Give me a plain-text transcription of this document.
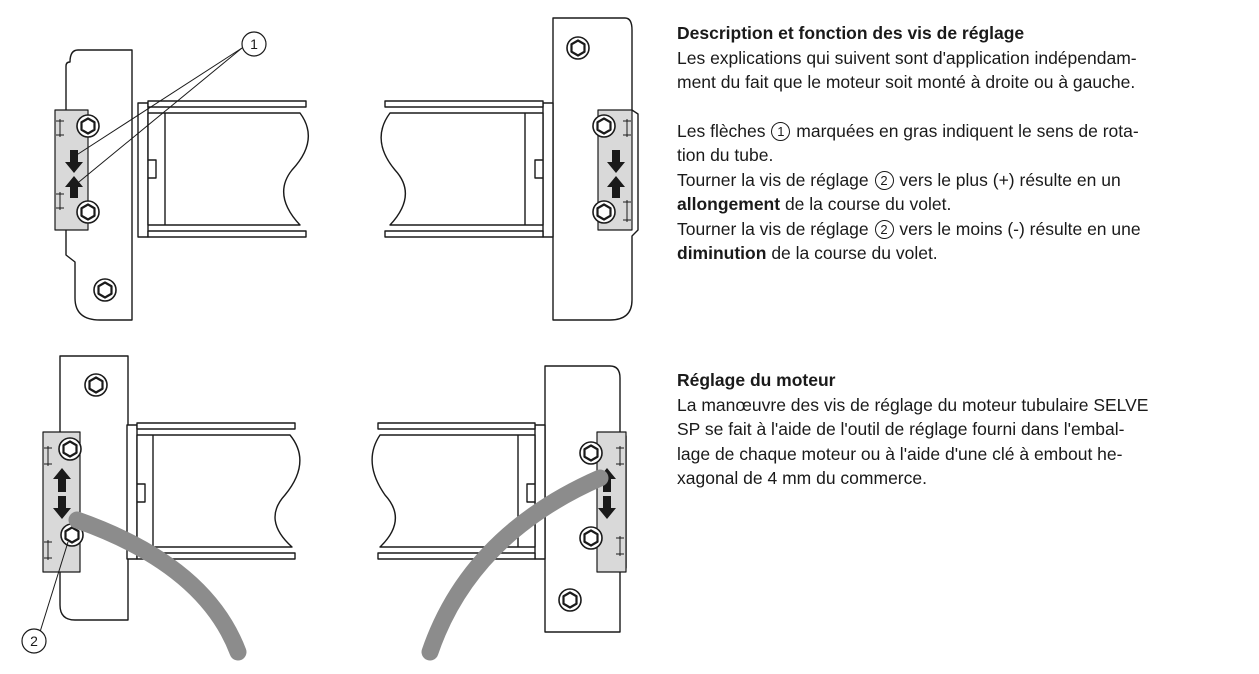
1
2
Description et fonction des vis de réglage

Les explications qui suivent sont d'application indépendam-

ment du fait que le moteur soit monté à droite ou à gauche.

Les flèches 1 marquées en gras indiquent le sens de rota-

tion du tube.

Tourner la vis de réglage 2 vers le plus (+) résulte en un

allongement de la course du volet.

Tourner la vis de réglage 2 vers le moins (-) résulte en une

diminution de la course du volet.

Réglage du moteur

La manœuvre des vis de réglage du moteur tubulaire SELVE

SP se fait à l'aide de l'outil de réglage fourni dans l'embal-

lage de chaque moteur ou à l'aide d'une clé à embout he-

xagonal de 4 mm du commerce.
